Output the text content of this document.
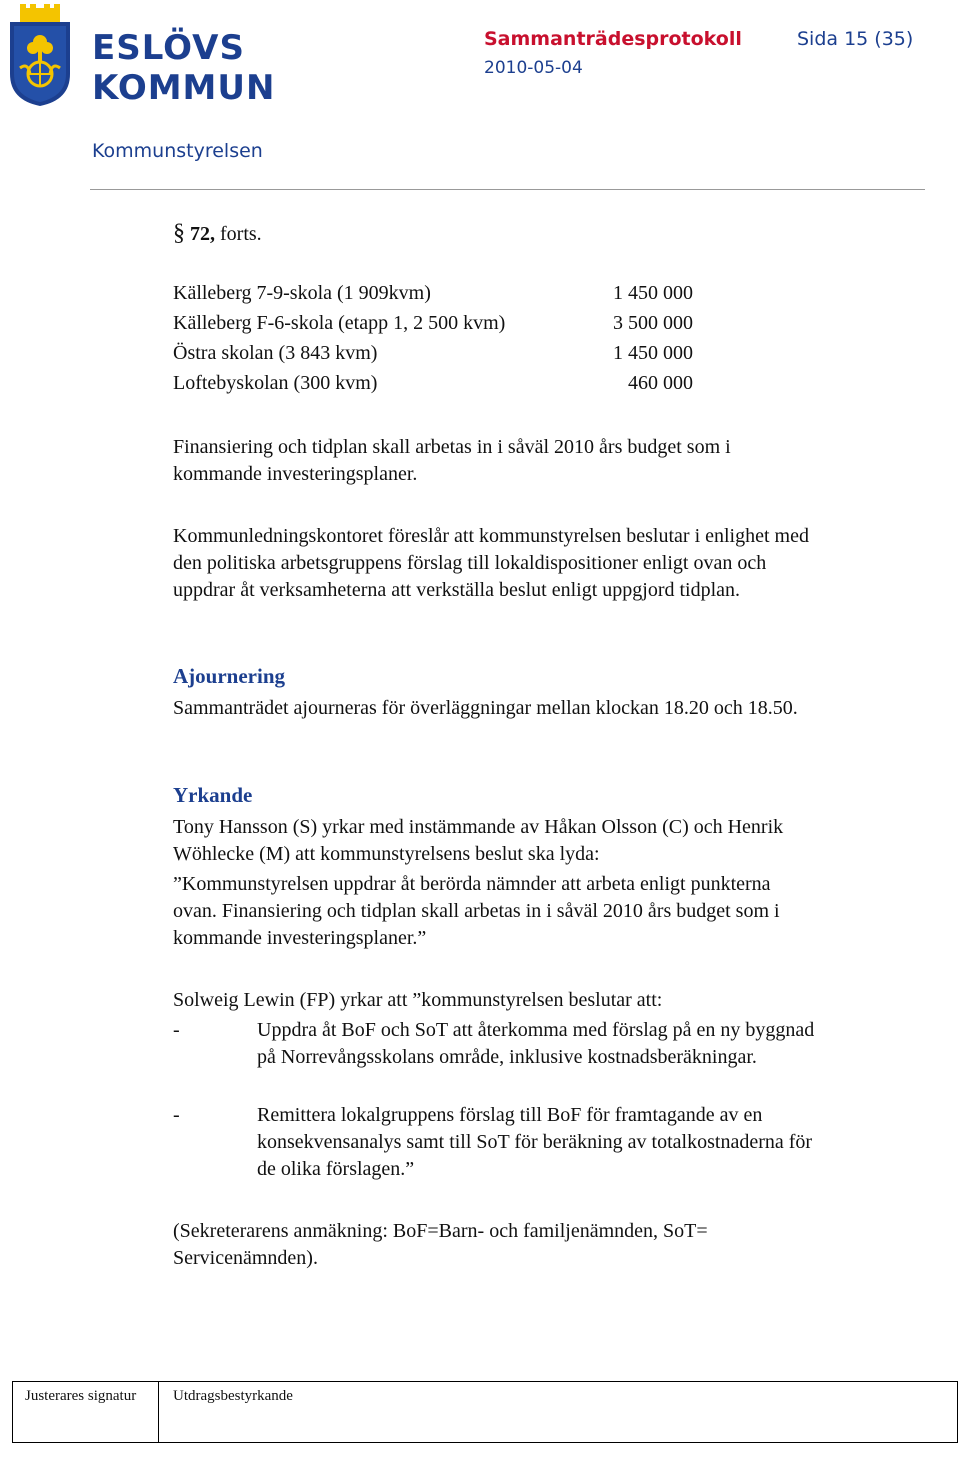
ESLÖVS
KOMMUN
Sammanträdesprotokoll	Sida 15 (35)
2010-05-04
Kommunstyrelsen
§ 72, forts.
Källeberg 7-9-skola (1 909kvm)	1 450 000
Källeberg F-6-skola (etapp 1, 2 500 kvm)	3 500 000
Östra skolan (3 843 kvm)	1 450 000
Loftebyskolan (300 kvm)	460 000
Finansiering och tidplan skall arbetas in i såväl 2010 års budget som i kommande investeringsplaner.
Kommunledningskontoret föreslår att kommunstyrelsen beslutar i enlighet med den politiska arbetsgruppens förslag till lokaldispositioner enligt ovan och uppdrar åt verksamheterna att verkställa beslut enligt uppgjord tidplan.
Ajournering
Sammanträdet ajourneras för överläggningar mellan klockan 18.20 och 18.50.
Yrkande
Tony Hansson (S) yrkar med instämmande av Håkan Olsson (C) och Henrik Wöhlecke (M) att kommunstyrelsens beslut ska lyda:
”Kommunstyrelsen uppdrar åt berörda nämnder att arbeta enligt punkterna ovan. Finansiering och tidplan skall arbetas in i såväl 2010 års budget som i kommande investeringsplaner.”
Solweig Lewin (FP) yrkar att ”kommunstyrelsen beslutar att:
-	Uppdra åt BoF och SoT att återkomma med förslag på en ny byggnad på Norrevångsskolans område, inklusive kostnadsberäkningar.
-	Remittera lokalgruppens förslag till BoF för framtagande av en konsekvensanalys samt till SoT för beräkning av totalkostnaderna för de olika förslagen.”
(Sekreterarens anmäkning: BoF=Barn- och familjenämnden, SoT= Servicenämnden).
Justerares signatur Utdragsbestyrkande
